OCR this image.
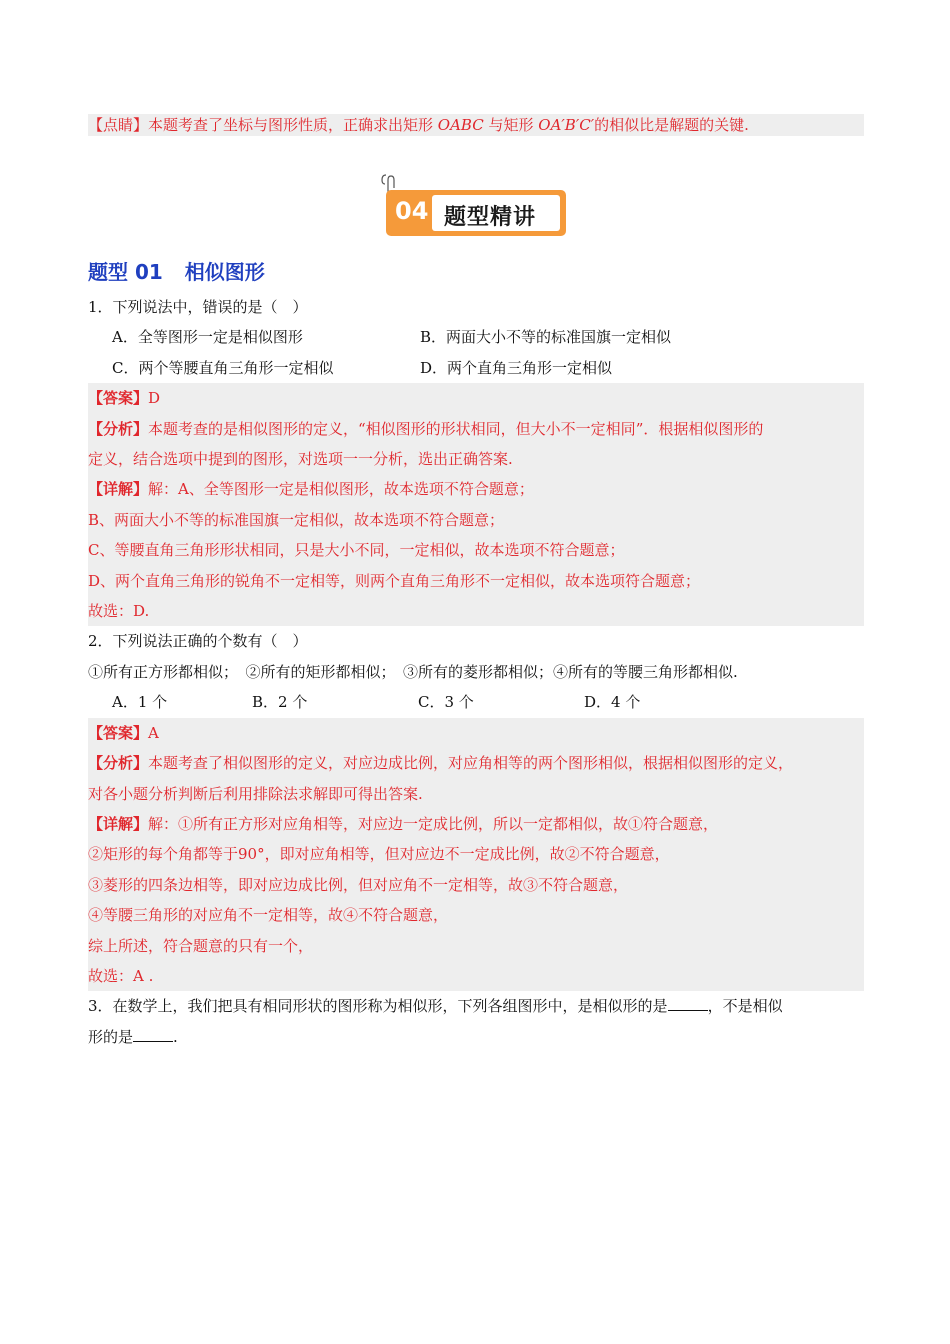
【点睛】本题考查了坐标与图形性质，正确求出矩形 OABC 与矩形 OA′B′C′的相似比是解题的关键.
04 题型精讲
题型 01 相似图形
1．下列说法中，错误的是（　）
A．全等图形一定是相似图形	B．两面大小不等的标准国旗一定相似
C．两个等腰直角三角形一定相似	D．两个直角三角形一定相似
【答案】D
【分析】本题考查的是相似图形的定义，“相似图形的形状相同，但大小不一定相同”．根据相似图形的
定义，结合选项中提到的图形，对选项一一分析，选出正确答案.
【详解】解：A、全等图形一定是相似图形，故本选项不符合题意；
B、两面大小不等的标准国旗一定相似，故本选项不符合题意；
C、等腰直角三角形形状相同，只是大小不同，一定相似，故本选项不符合题意；
D、两个直角三角形的锐角不一定相等，则两个直角三角形不一定相似，故本选项符合题意；
故选：D.
2．下列说法正确的个数有（　）
①所有正方形都相似；　②所有的矩形都相似；　③所有的菱形都相似；④所有的等腰三角形都相似.
A．1 个	B．2 个	C．3 个	D．4 个
【答案】A
【分析】本题考查了相似图形的定义，对应边成比例，对应角相等的两个图形相似，根据相似图形的定义，
对各小题分析判断后利用排除法求解即可得出答案.
【详解】解：①所有正方形对应角相等，对应边一定成比例，所以一定都相似，故①符合题意，
②矩形的每个角都等于90°，即对应角相等，但对应边不一定成比例，故②不符合题意，
③菱形的四条边相等，即对应边成比例，但对应角不一定相等，故③不符合题意，
④等腰三角形的对应角不一定相等，故④不符合题意，
综上所述，符合题意的只有一个，
故选：A .
3．在数学上，我们把具有相同形状的图形称为相似形，下列各组图形中，是相似形的是	，不是相似
形的是	.
